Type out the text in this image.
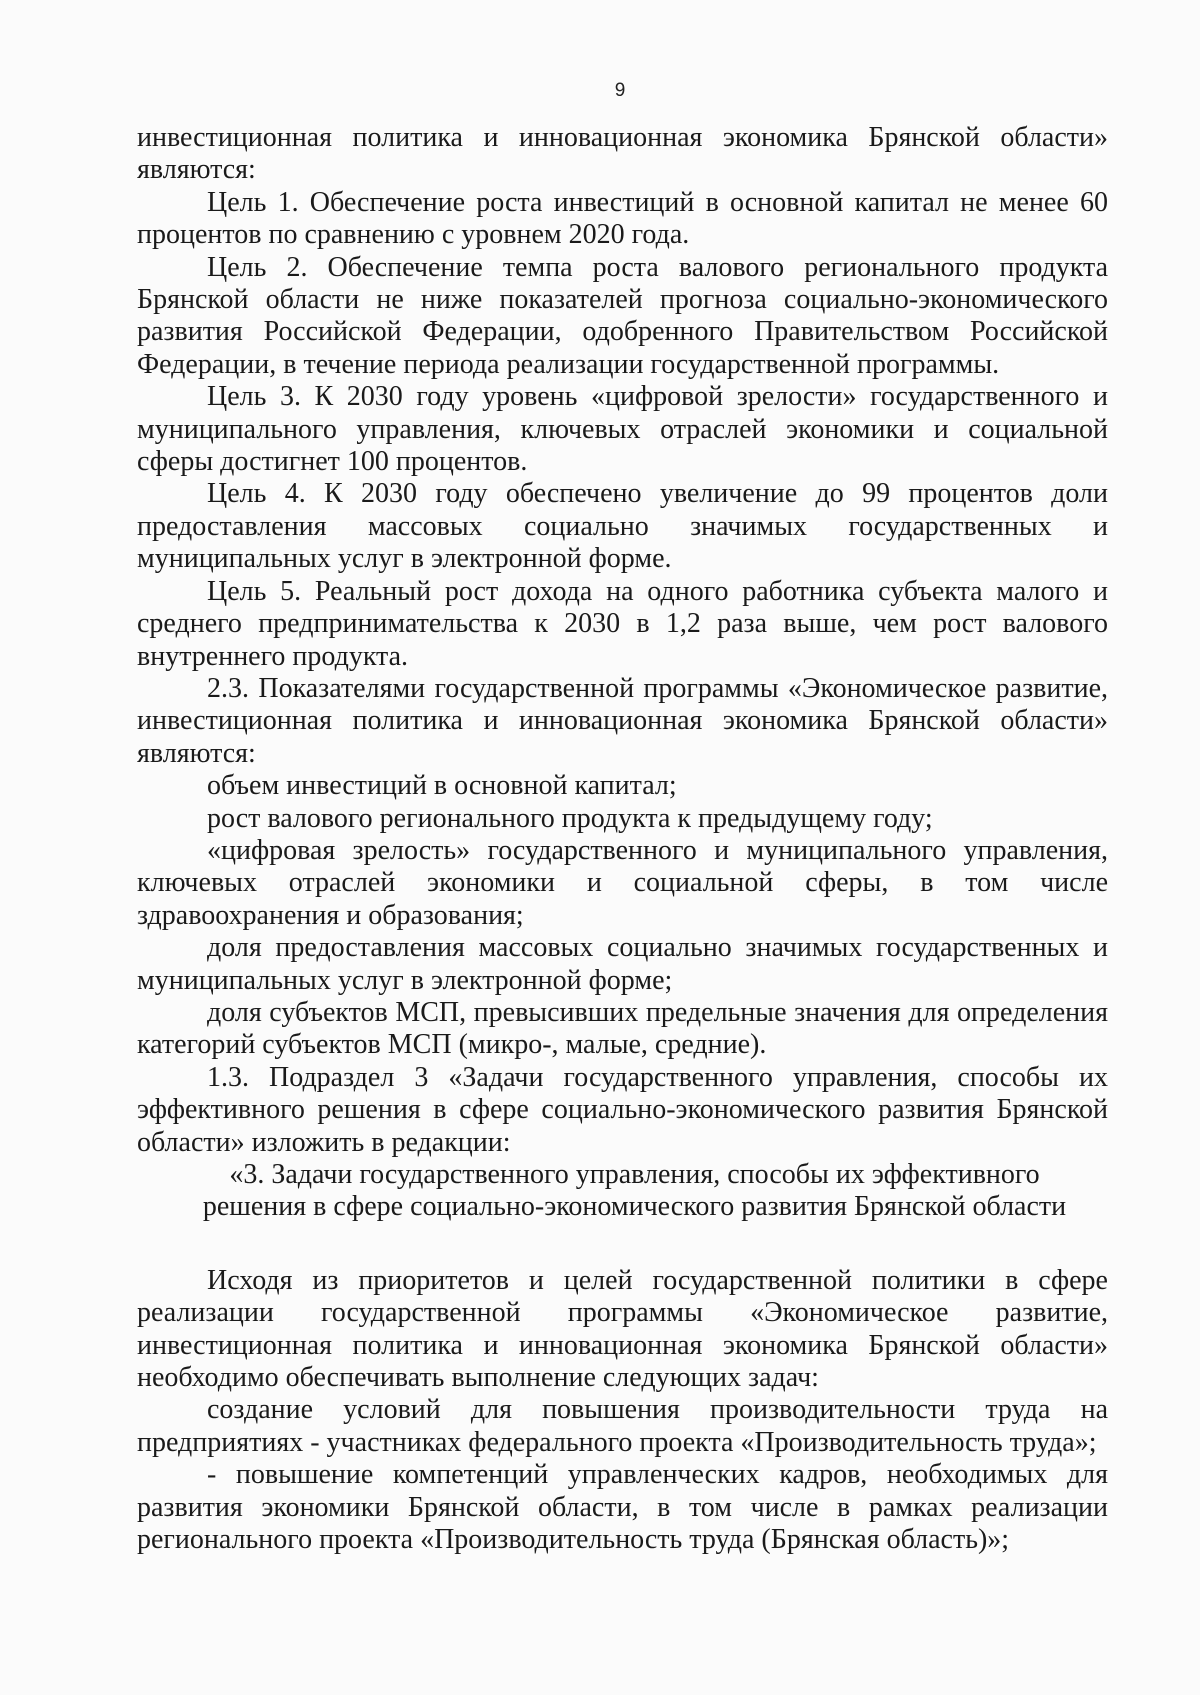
9

инвестиционная политика и инновационная экономика Брянской области» являются:

Цель 1. Обеспечение роста инвестиций в основной капитал не менее 60 процентов по сравнению с уровнем 2020 года.

Цель 2. Обеспечение темпа роста валового регионального продукта Брянской области не ниже показателей прогноза социально-экономического развития Российской Федерации, одобренного Правительством Российской Федерации, в течение периода реализации государственной программы.

Цель 3. К 2030 году уровень «цифровой зрелости» государственного и муниципального управления, ключевых отраслей экономики и социальной сферы достигнет 100 процентов.

Цель 4. К 2030 году обеспечено увеличение до 99 процентов доли предоставления массовых социально значимых государственных и муниципальных услуг в электронной форме.

Цель 5. Реальный рост дохода на одного работника субъекта малого и среднего предпринимательства к 2030 в 1,2 раза выше, чем рост валового внутреннего продукта.

2.3. Показателями государственной программы «Экономическое развитие, инвестиционная политика и инновационная экономика Брянской области» являются:

объем инвестиций в основной капитал;

рост валового регионального продукта к предыдущему году;

«цифровая зрелость» государственного и муниципального управления, ключевых отраслей экономики и социальной сферы, в том числе здравоохранения и образования;

доля предоставления массовых социально значимых государственных и муниципальных услуг в электронной форме;

доля субъектов МСП, превысивших предельные значения для определения категорий субъектов МСП (микро-, малые, средние).

1.3. Подраздел 3 «Задачи государственного управления, способы их эффективного решения в сфере социально-экономического развития Брянской области» изложить в редакции:

«3. Задачи государственного управления, способы их эффективного

решения в сфере социально-экономического развития Брянской области

Исходя из приоритетов и целей государственной политики в сфере реализации государственной программы «Экономическое развитие, инвестиционная политика и инновационная экономика Брянской области» необходимо обеспечивать выполнение следующих задач:

создание условий для повышения производительности труда на предприятиях - участниках федерального проекта «Производительность труда»;

- повышение компетенций управленческих кадров, необходимых для развития экономики Брянской области, в том числе в рамках реализации регионального проекта «Производительность труда (Брянская область)»;
